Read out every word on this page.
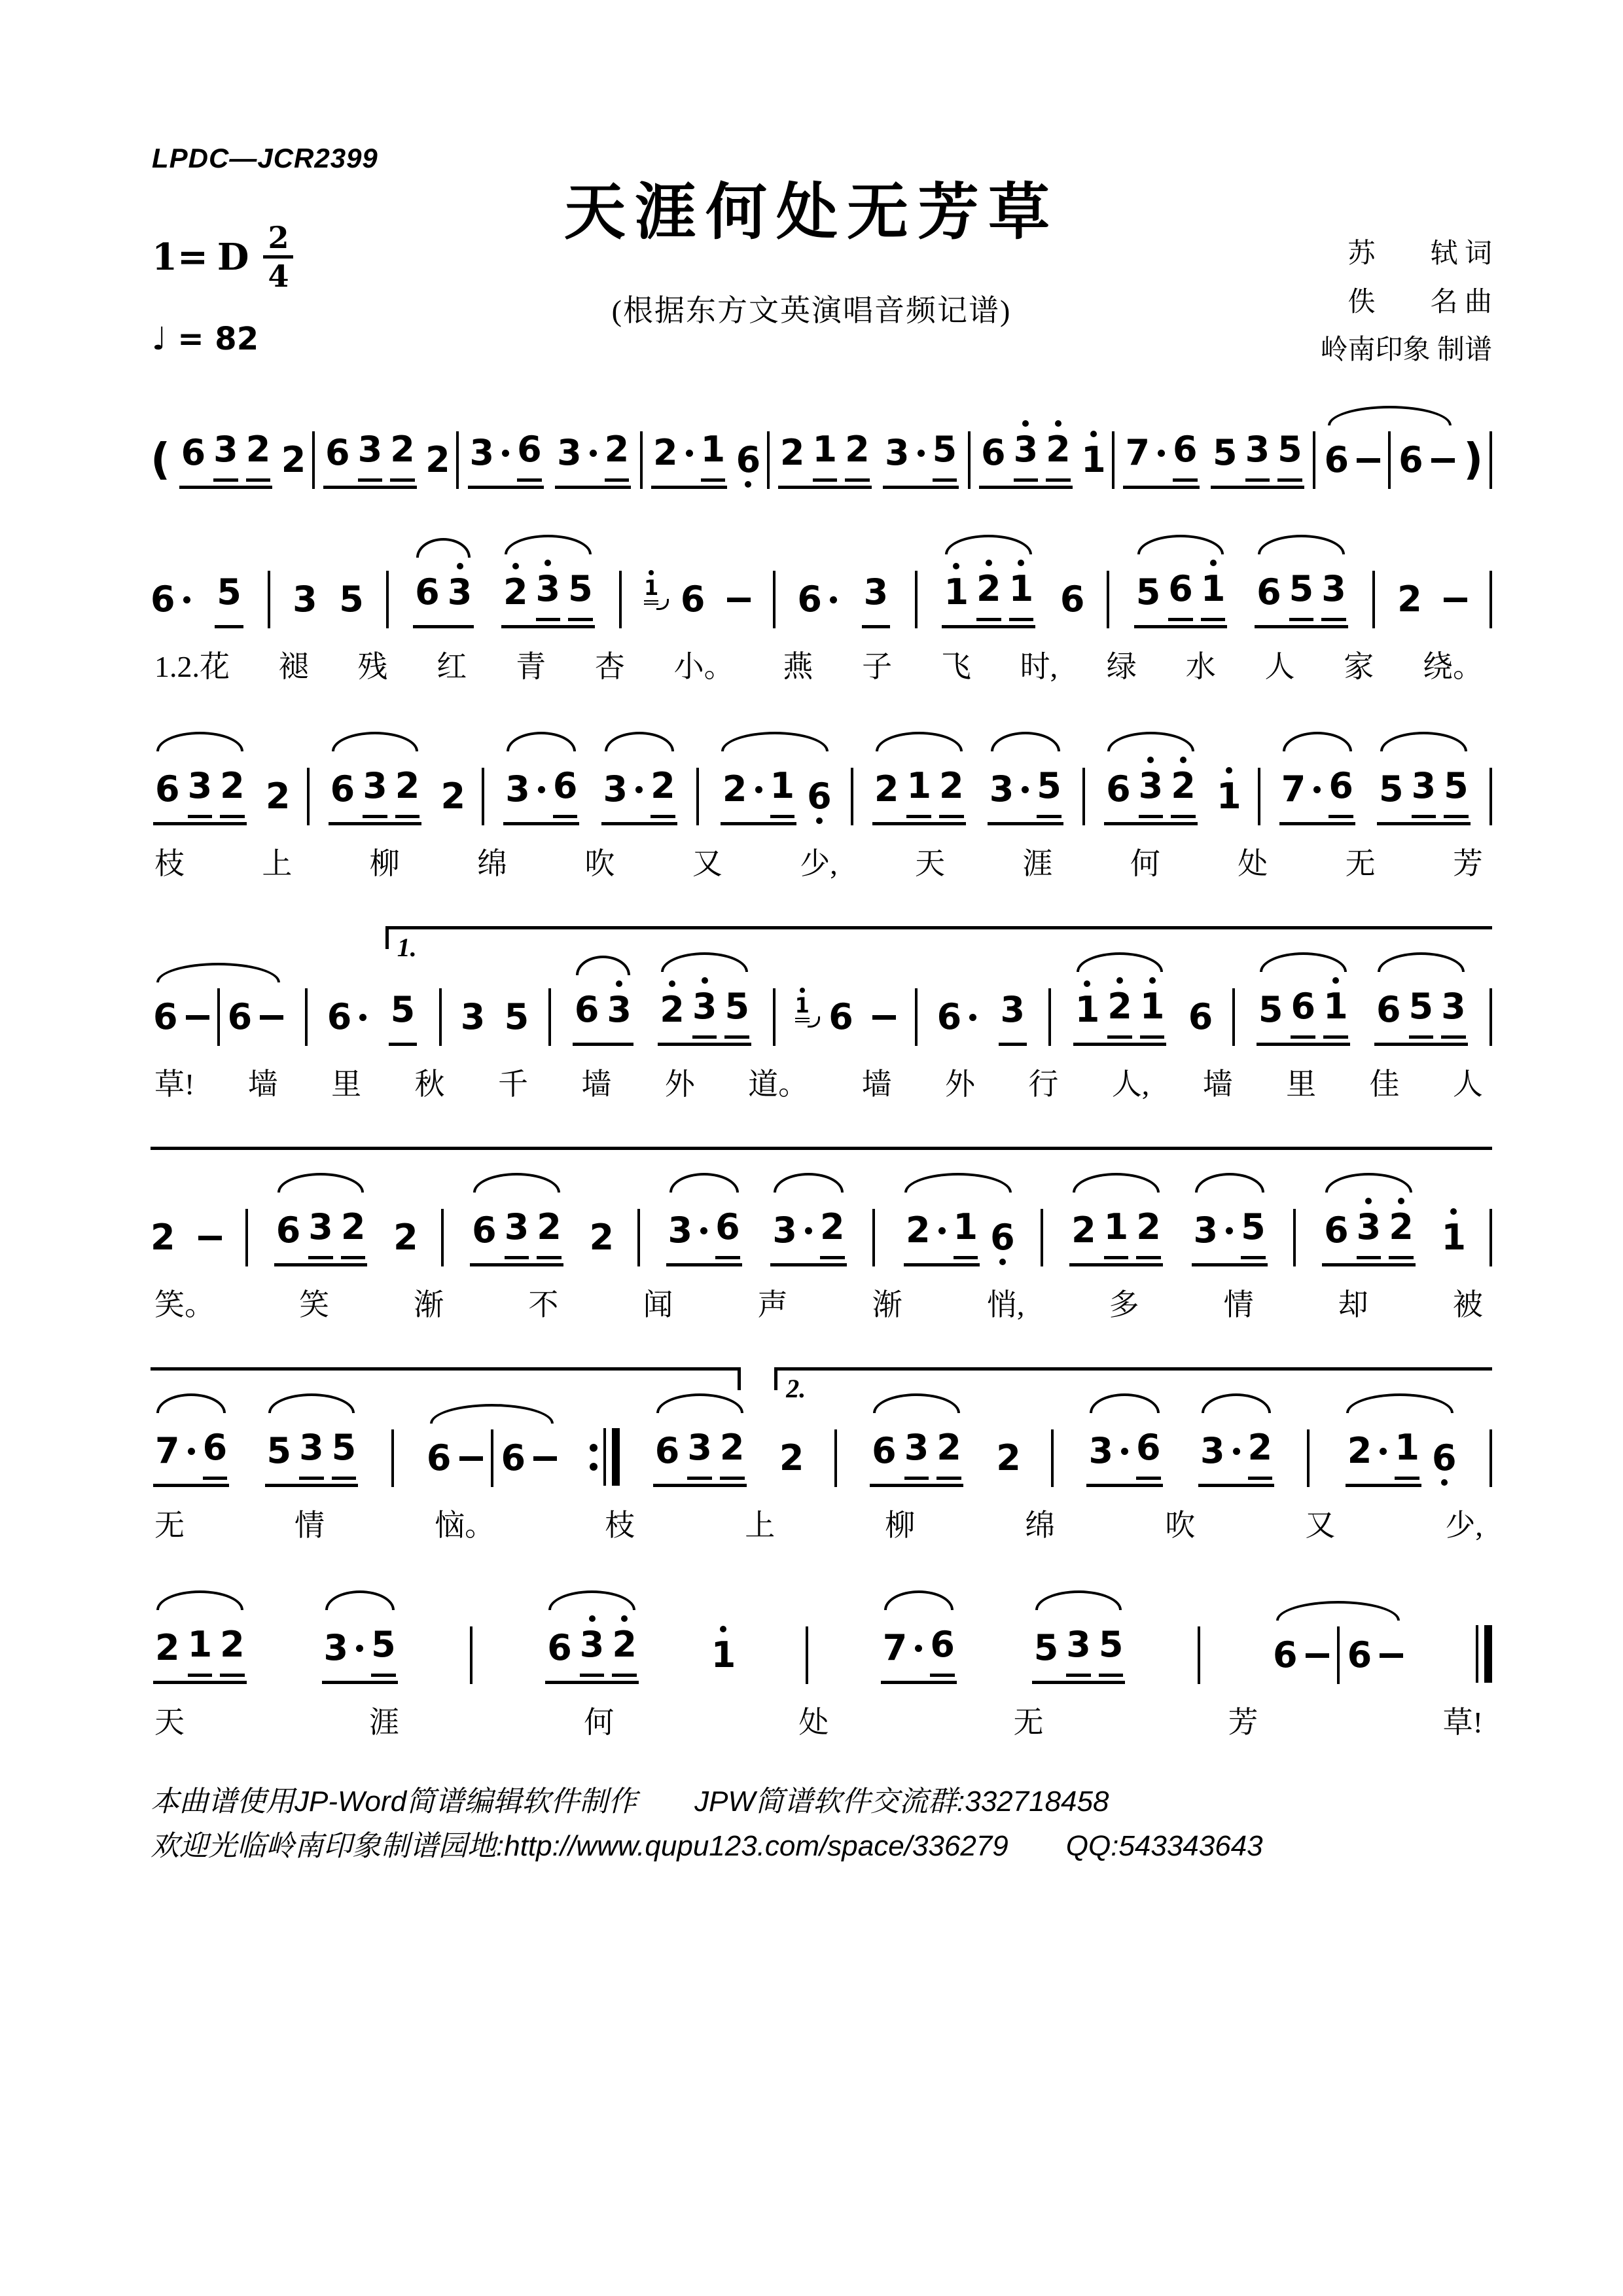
LPDC—JCR2399
1= D 2
4
♩ = 82
天涯何处无芳草
(根据东方文英演唱音频记谱)
苏　　轼 词
佚　　名 曲
岭南印象 制谱
( 6 3 2 2 6 3 2 2 3 6 3 2 2 1 6 2 1 2 3 5 6 3 2 1 7 6 5 3 5 6 6 )
6 5 3 5 6 3 2 3 5 1 6	6 3 1 2 1 6 5 6 1 6 5 3 2
1.2.花 褪 残 红 青 杏 小。 燕 子 飞 时, 绿 水 人 家 绕。
6 3 2 2 6 3 2 2 3 6 3 2 2 1 6 2 1 2 3 5 6 3 2 1 7 6 5 3 5
枝	上	柳	绵	吹	又	少,	天	涯	何	处	无	芳
1.
6 6 6 5 3 5 6 3 2 3 5 1 6 6 3 1 2 1 6 5 6 1 6 5 3
草! 墙 里 秋 千 墙 外 道。 墙 外 行 人, 墙 里 佳 人
2	6 3 2 2 6 3 2 2 3 6 3 2 2 1 6 2 1 2 3 5 6 3 2 1
笑。	笑	渐	不	闻	声	渐	悄,	多	情	却	被
2.
7 6 5 3 5 6 6	6 3 2 2 6 3 2 2 3 6 3 2 2 1 6
无	情	恼。	枝	上	柳	绵	吹	又	少,
2 1 2 3 5	6 3 2 1	7 6 5 3 5	6 6
天	涯	何	处	无	芳	草!
本曲谱使用JP-Word简谱编辑软件制作　　JPW简谱软件交流群:332718458
欢迎光临岭南印象制谱园地:http://www.qupu123.com/space/336279　　QQ:543343643
